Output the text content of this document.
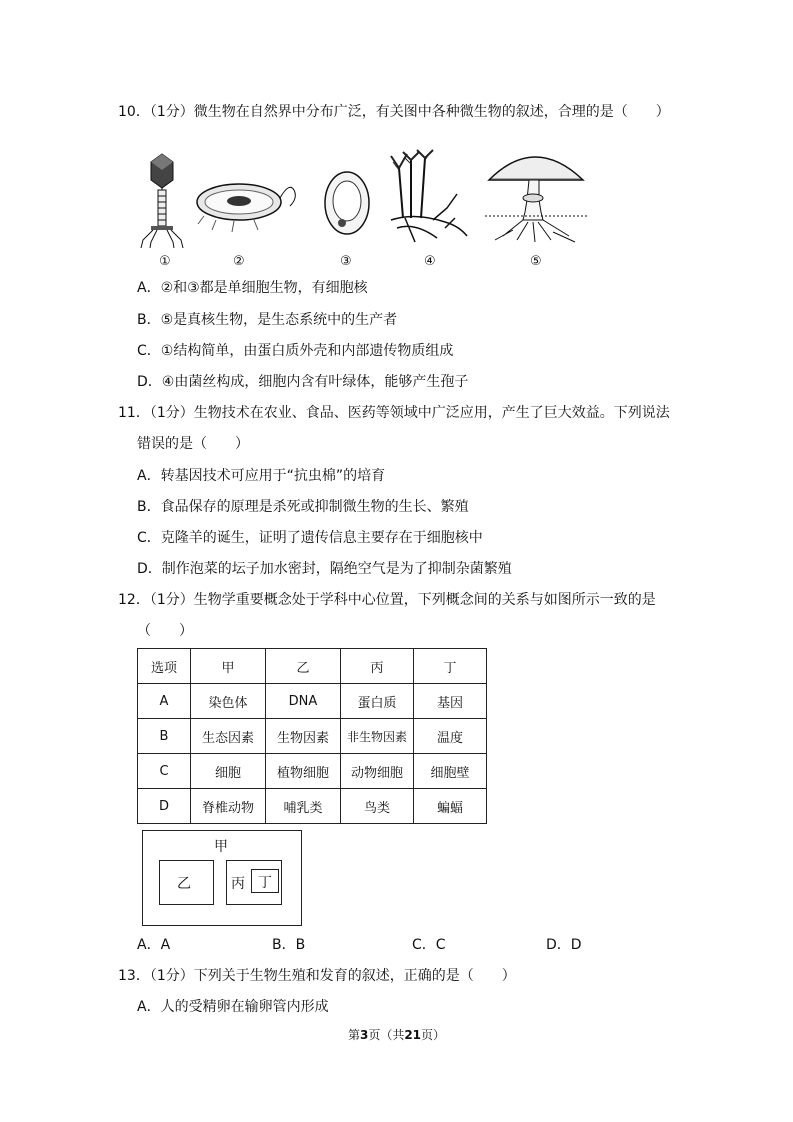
10．（1分）微生物在自然界中分布广泛，有关图中各种微生物的叙述，合理的是（　　）
①	②	③	④	⑤
A．②和③都是单细胞生物，有细胞核
B．⑤是真核生物，是生态系统中的生产者
C．①结构简单，由蛋白质外壳和内部遗传物质组成
D．④由菌丝构成，细胞内含有叶绿体，能够产生孢子
11．（1分）生物技术在农业、食品、医药等领域中广泛应用，产生了巨大效益。下列说法
错误的是（　　）
A．转基因技术可应用于“抗虫棉”的培育
B．食品保存的原理是杀死或抑制微生物的生长、繁殖
C．克隆羊的诞生，证明了遗传信息主要存在于细胞核中
D．制作泡菜的坛子加水密封，隔绝空气是为了抑制杂菌繁殖
12．（1分）生物学重要概念处于学科中心位置，下列概念间的关系与如图所示一致的是
（　　）
选项	甲	乙	丙	丁
A	染色体	DNA	蛋白质	基因
B	生态因素	生物因素	非生物因素	温度
C	细胞	植物细胞	动物细胞	细胞壁
D	脊椎动物	哺乳类	鸟类	蝙蝠
甲
乙	丙 丁
A．A	B．B	C．C	D．D
13．（1分）下列关于生物生殖和发育的叙述，正确的是（　　）
A．人的受精卵在输卵管内形成
第3页（共21页）
